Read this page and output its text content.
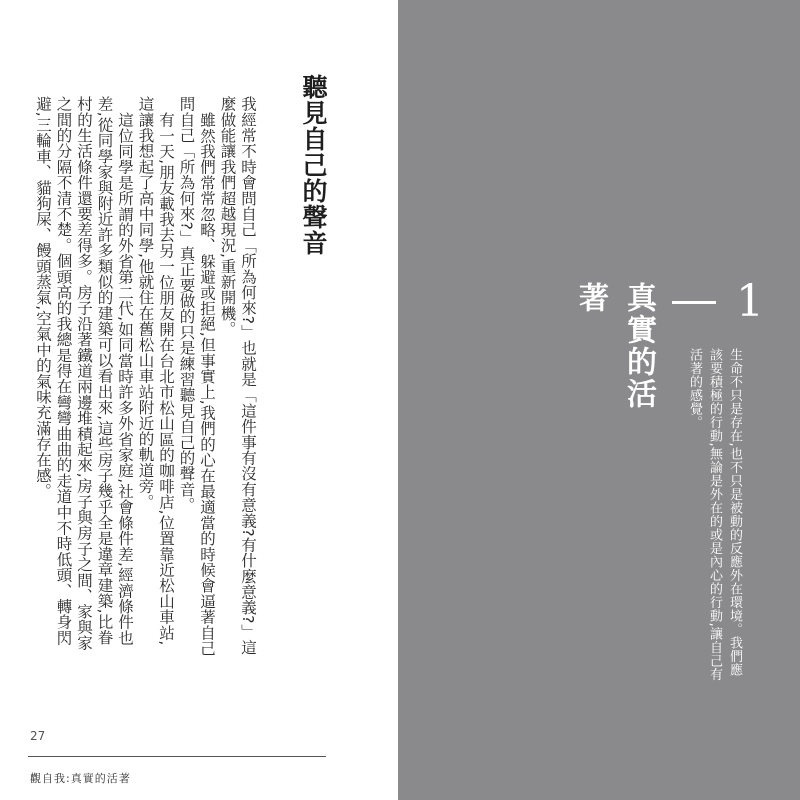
聽見自己的聲音

我經常不時會問自己「所為何來?」也就是「這件事有沒有意義?有什麼意義?」這麼做能讓我們超越現況,重新開機。

雖然我們常常忽略、躲避或拒絕,但事實上,我們的心在最適當的時候會逼著自己問自己「所為何來?」真正要做的只是練習聽見自己的聲音。

有一天,朋友載我去另一位朋友開在台北市松山區的咖啡店,位置靠近松山車站,這讓我想起了高中同學,他就住在舊松山車站附近的軌道旁。

這位同學是所謂的外省第二代,如同當時許多外省家庭,社會條件差,經濟條件也差,從同學家與附近許多類似的建築可以看出來,這些房子幾乎全是違章建築,比眷村的生活條件還要差得多。房子沿著鐵道兩邊堆積起來,房子與房子之間、家與家之間的分隔不清不楚。個頭高的我總是得在彎彎曲曲的走道中不時低頭、轉身閃避,三輪車、貓狗屎、饅頭蒸氣,空氣中的氣味充滿存在感。

27
觀自我:真實的活著
1
真實的活著
生命不只是存在,也不只是被動的反應外在環境。我們應該要積極的行動,無論是外在的或是內心的行動,讓自己有活著的感覺。
